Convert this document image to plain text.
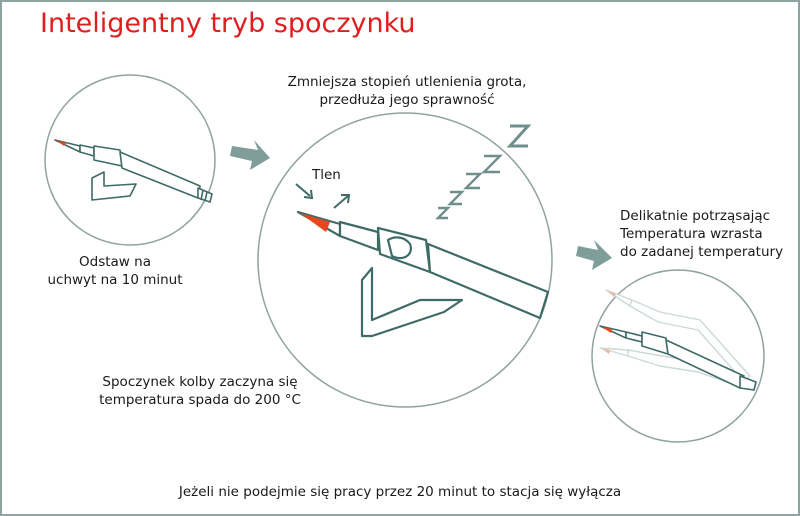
Inteligentny tryb spoczynku
Odstaw na
uchwyt na 10 minut
Zmniejsza stopień utlenienia grota,
przedłuża jego sprawność
Tlen
Spoczynek kolby zaczyna się
temperatura spada do 200 °C
Delikatnie potrząsając
Temperatura wzrasta
do zadanej temperatury
Jeżeli nie podejmie się pracy przez 20 minut to stacja się wyłącza
